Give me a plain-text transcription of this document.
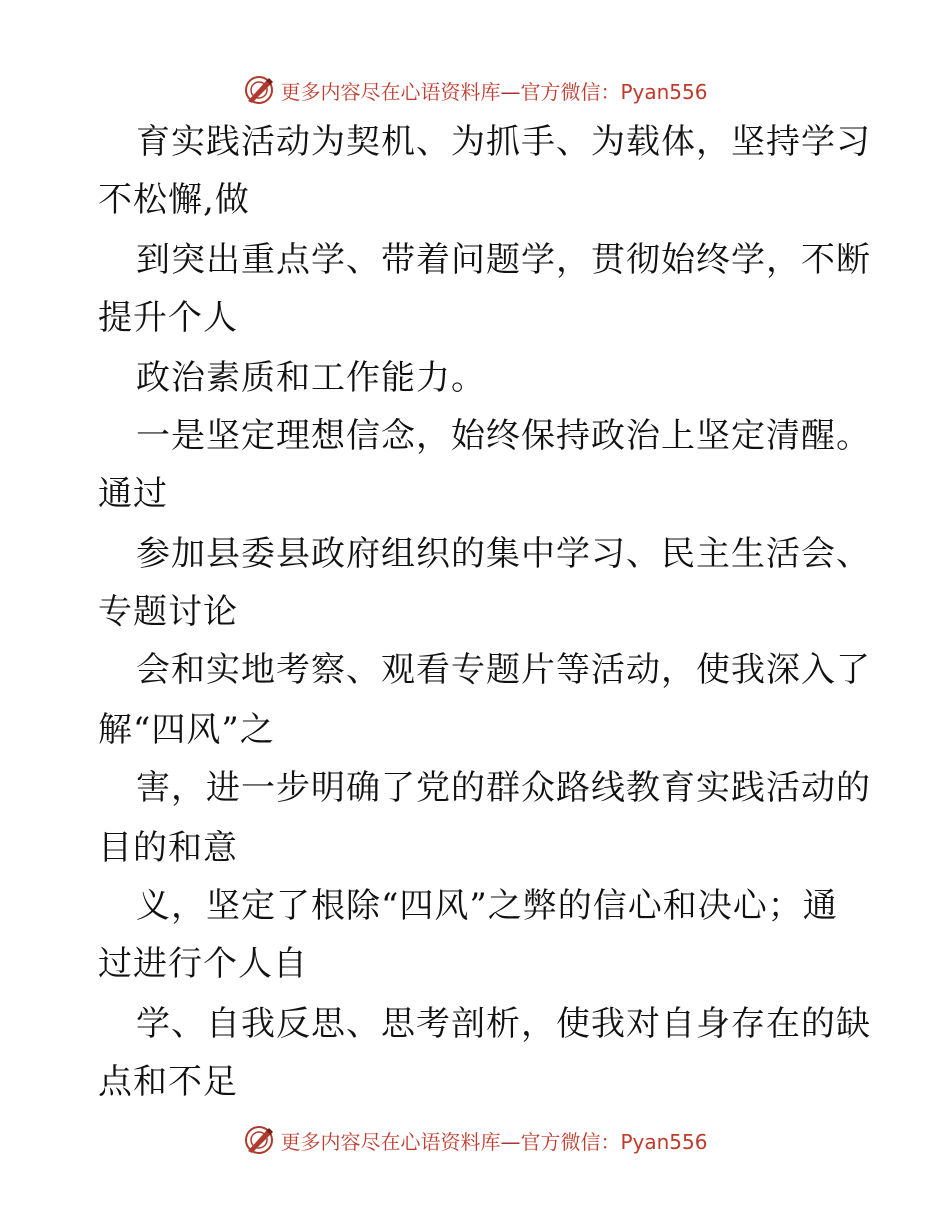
更多内容尽在心语资料库—官方微信：Pyan556
育实践活动为契机、为抓手、为载体，坚持学习
不松懈,做
到突出重点学、带着问题学，贯彻始终学，不断
提升个人
政治素质和工作能力。
一是坚定理想信念，始终保持政治上坚定清醒。
通过
参加县委县政府组织的集中学习、民主生活会、
专题讨论
会和实地考察、观看专题片等活动，使我深入了
解“四风”之
害，进一步明确了党的群众路线教育实践活动的
目的和意
义，坚定了根除“四风”之弊的信心和决心；通
过进行个人自
学、自我反思、思考剖析，使我对自身存在的缺
点和不足
更多内容尽在心语资料库—官方微信：Pyan556
